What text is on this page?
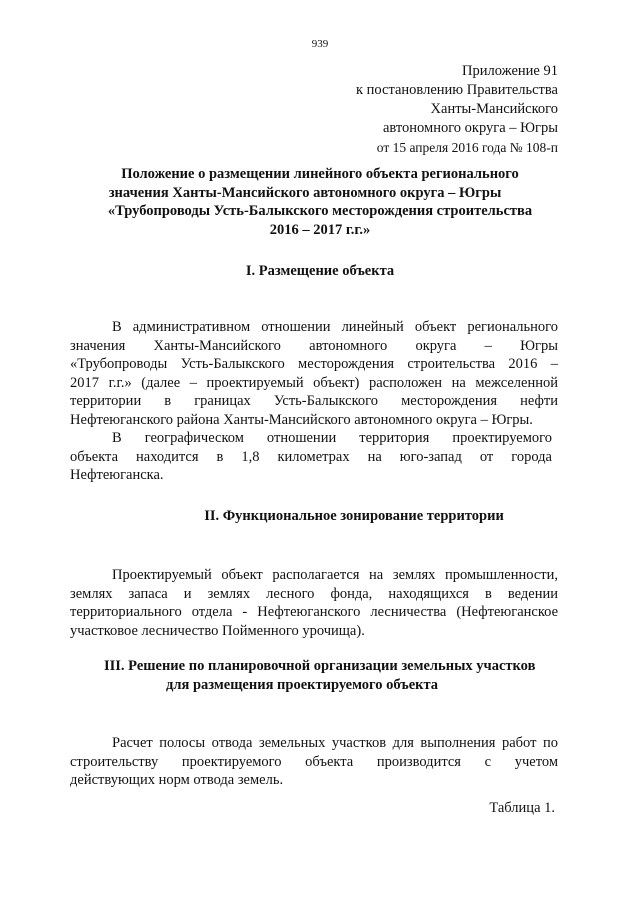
939
Приложение 91
к постановлению Правительства
Ханты-Мансийского
автономного округа – Югры
от 15 апреля 2016 года № 108-п
Положение о размещении линейного объекта регионального
значения Ханты-Мансийского автономного округа – Югры
«Трубопроводы Усть-Балыкского месторождения строительства
2016 – 2017 г.г.»
I. Размещение объекта
В административном отношении линейный объект регионального
значения Ханты-Мансийского автономного округа – Югры
«Трубопроводы Усть-Балыкского месторождения строительства 2016 –
2017 г.г.» (далее – проектируемый объект) расположен на межселенной
территории в границах Усть-Балыкского месторождения нефти
Нефтеюганского района Ханты-Мансийского автономного округа – Югры.
В географическом отношении территория проектируемого
объекта находится в 1,8 километрах на юго-запад от города
Нефтеюганска.
II. Функциональное зонирование территории
Проектируемый объект располагается на землях промышленности,
землях запаса и землях лесного фонда, находящихся в ведении
территориального отдела - Нефтеюганского лесничества (Нефтеюганское
участковое лесничество Пойменного урочища).
III. Решение по планировочной организации земельных участков
для размещения проектируемого объекта
Расчет полосы отвода земельных участков для выполнения работ по
строительству проектируемого объекта производится с учетом
действующих норм отвода земель.
Таблица 1.
